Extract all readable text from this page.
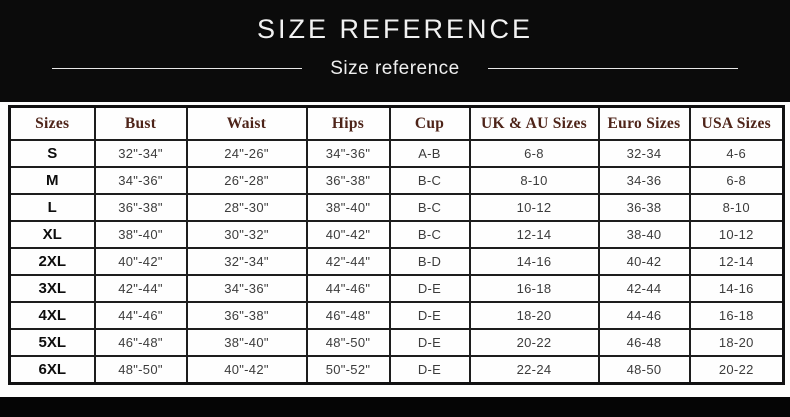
SIZE REFERENCE
Size reference
Sizes	Bust	Waist	Hips	Cup	UK & AU Sizes	Euro Sizes	USA Sizes
S	32"-34"	24"-26"	34"-36"	A-B	6-8	32-34	4-6
M	34"-36"	26"-28"	36"-38"	B-C	8-10	34-36	6-8
L	36"-38"	28"-30"	38"-40"	B-C	10-12	36-38	8-10
XL	38"-40"	30"-32"	40"-42"	B-C	12-14	38-40	10-12
2XL	40"-42"	32"-34"	42"-44"	B-D	14-16	40-42	12-14
3XL	42"-44"	34"-36"	44"-46"	D-E	16-18	42-44	14-16
4XL	44"-46"	36"-38"	46"-48"	D-E	18-20	44-46	16-18
5XL	46"-48"	38"-40"	48"-50"	D-E	20-22	46-48	18-20
6XL	48"-50"	40"-42"	50"-52"	D-E	22-24	48-50	20-22
